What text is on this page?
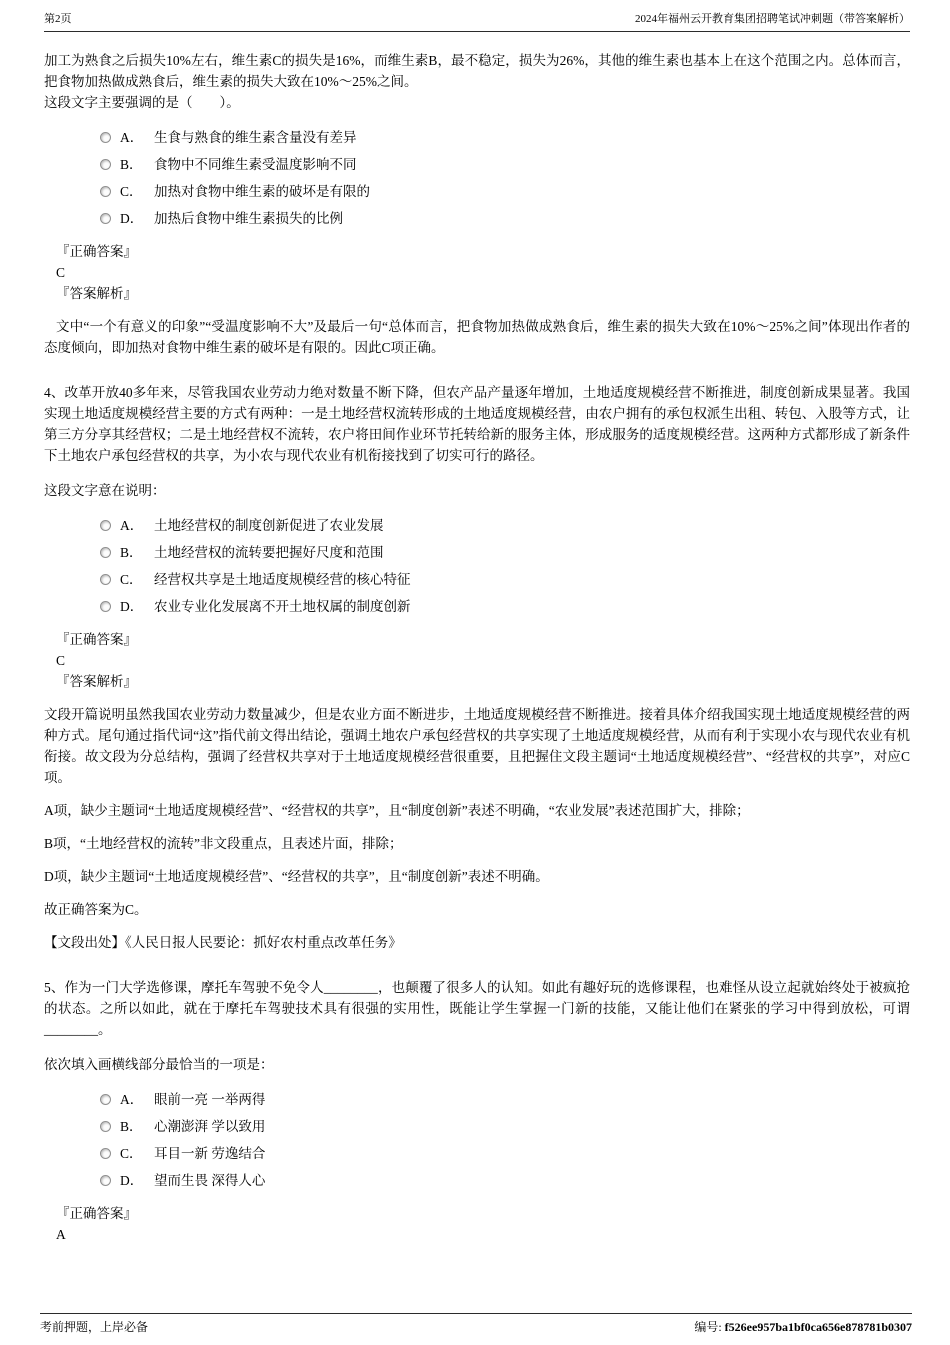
第2页	2024年福州云开教育集团招聘笔试冲刺题（带答案解析）

加工为熟食之后损失10%左右，维生素C的损失是16%，而维生素B，最不稳定，损失为26%，其他的维生素也基本上在这个范围之内。总体而言，把食物加热做成熟食后，维生素的损失大致在10%～25%之间。

这段文字主要强调的是（　　）。

A． 生食与熟食的维生素含量没有差异
B． 食物中不同维生素受温度影响不同
C． 加热对食物中维生素的破坏是有限的
D． 加热后食物中维生素损失的比例

『正确答案』

C

『答案解析』

文中“一个有意义的印象”“受温度影响不大”及最后一句“总体而言，把食物加热做成熟食后，维生素的损失大致在10%～25%之间”体现出作者的态度倾向，即加热对食物中维生素的破坏是有限的。因此C项正确。

4、改革开放40多年来，尽管我国农业劳动力绝对数量不断下降，但农产品产量逐年增加，土地适度规模经营不断推进，制度创新成果显著。我国实现土地适度规模经营主要的方式有两种：一是土地经营权流转形成的土地适度规模经营，由农户拥有的承包权派生出租、转包、入股等方式，让第三方分享其经营权；二是土地经营权不流转，农户将田间作业环节托转给新的服务主体，形成服务的适度规模经营。这两种方式都形成了新条件下土地农户承包经营权的共享，为小农与现代农业有机衔接找到了切实可行的路径。

这段文字意在说明：

A． 土地经营权的制度创新促进了农业发展
B． 土地经营权的流转要把握好尺度和范围
C． 经营权共享是土地适度规模经营的核心特征
D． 农业专业化发展离不开土地权属的制度创新

『正确答案』

C

『答案解析』

文段开篇说明虽然我国农业劳动力数量减少，但是农业方面不断进步，土地适度规模经营不断推进。接着具体介绍我国实现土地适度规模经营的两种方式。尾句通过指代词“这”指代前文得出结论，强调土地农户承包经营权的共享实现了土地适度规模经营，从而有利于实现小农与现代农业有机衔接。故文段为分总结构，强调了经营权共享对于土地适度规模经营很重要，且把握住文段主题词“土地适度规模经营”、“经营权的共享”，对应C项。

A项，缺少主题词“土地适度规模经营”、“经营权的共享”，且“制度创新”表述不明确，“农业发展”表述范围扩大，排除；

B项，“土地经营权的流转”非文段重点，且表述片面，排除；

D项，缺少主题词“土地适度规模经营”、“经营权的共享”，且“制度创新”表述不明确。

故正确答案为C。

【文段出处】《人民日报人民要论：抓好农村重点改革任务》

5、作为一门大学选修课，摩托车驾驶不免令人________，也颠覆了很多人的认知。如此有趣好玩的选修课程，也难怪从设立起就始终处于被疯抢的状态。之所以如此，就在于摩托车驾驶技术具有很强的实用性，既能让学生掌握一门新的技能，又能让他们在紧张的学习中得到放松，可谓________。

依次填入画横线部分最恰当的一项是：

A． 眼前一亮 一举两得
B． 心潮澎湃 学以致用
C． 耳目一新 劳逸结合
D． 望而生畏 深得人心

『正确答案』

A

考前押题，上岸必备	编号: f526ee957ba1bf0ca656e878781b0307
